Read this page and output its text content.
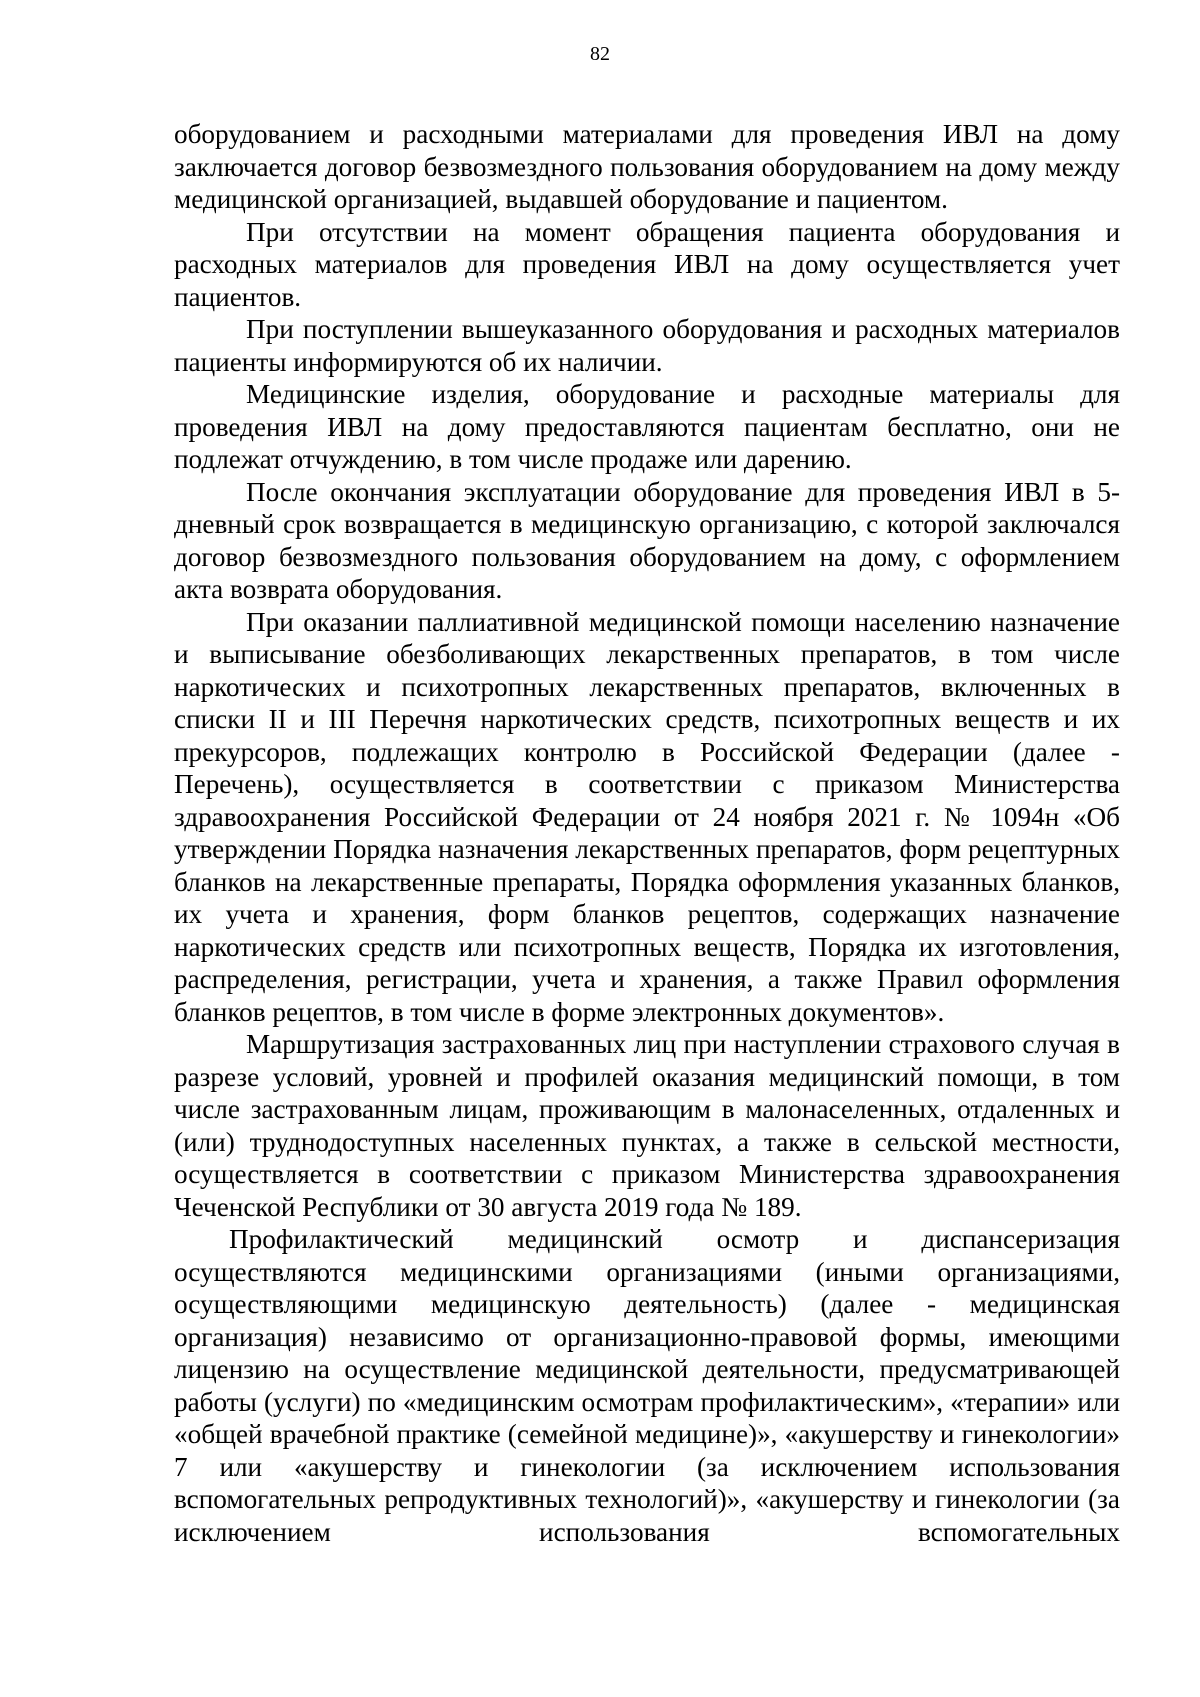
82

оборудованием и расходными материалами для проведения ИВЛ на дому заключается договор безвозмездного пользования оборудованием на дому между медицинской организацией, выдавшей оборудование и пациентом.

При отсутствии на момент обращения пациента оборудования и расходных материалов для проведения ИВЛ на дому осуществляется учет пациентов.

При поступлении вышеуказанного оборудования и расходных материалов пациенты информируются об их наличии.

Медицинские изделия, оборудование и расходные материалы для проведения ИВЛ на дому предоставляются пациентам бесплатно, они не подлежат отчуждению, в том числе продаже или дарению.

После окончания эксплуатации оборудование для проведения ИВЛ в 5-дневный срок возвращается в медицинскую организацию, с которой заключался договор безвозмездного пользования оборудованием на дому, с оформлением акта возврата оборудования.

При оказании паллиативной медицинской помощи населению назначение и выписывание обезболивающих лекарственных препаратов, в том числе наркотических и психотропных лекарственных препаратов, включенных в списки II и III Перечня наркотических средств, психотропных веществ и их прекурсоров, подлежащих контролю в Российской Федерации (далее - Перечень), осуществляется в соответствии с приказом Министерства здравоохранения Российской Федерации от 24 ноября 2021 г. № 1094н «Об утверждении Порядка назначения лекарственных препаратов, форм рецептурных бланков на лекарственные препараты, Порядка оформления указанных бланков, их учета и хранения, форм бланков рецептов, содержащих назначение наркотических средств или психотропных веществ, Порядка их изготовления, распределения, регистрации, учета и хранения, а также Правил оформления бланков рецептов, в том числе в форме электронных документов».

Маршрутизация застрахованных лиц при наступлении страхового случая в разрезе условий, уровней и профилей оказания медицинский помощи, в том числе застрахованным лицам, проживающим в малонаселенных, отдаленных и (или) труднодоступных населенных пунктах, а также в сельской местности, осуществляется в соответствии с приказом Министерства здравоохранения Чеченской Республики от 30 августа 2019 года № 189.

Профилактический медицинский осмотр и диспансеризация осуществляются медицинскими организациями (иными организациями, осуществляющими медицинскую деятельность) (далее - медицинская организация) независимо от организационно-правовой формы, имеющими лицензию на осуществление медицинской деятельности, предусматривающей работы (услуги) по «медицинским осмотрам профилактическим», «терапии» или «общей врачебной практике (семейной медицине)», «акушерству и гинекологии» 7 или «акушерству и гинекологии (за исключением использования вспомогательных репродуктивных технологий)», «акушерству и гинекологии (за исключением использования вспомогательных
